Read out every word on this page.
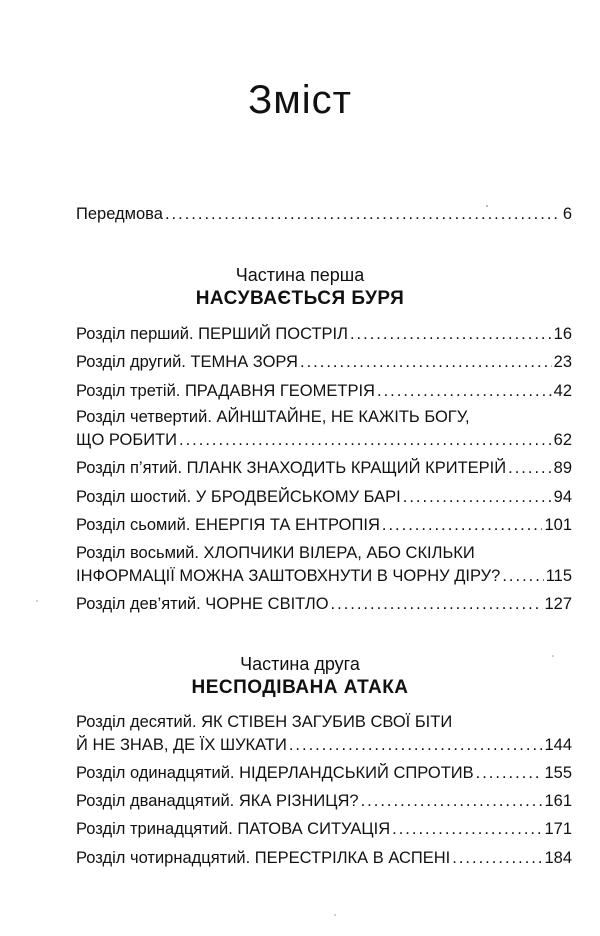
Зміст
Передмова .....	6
Частина перша
НАСУВАЄТЬСЯ БУРЯ
Розділ перший. ПЕРШИЙ ПОСТРІЛ .....	16
Розділ другий. ТЕМНА ЗОРЯ .....	23
Розділ третій. ПРАДАВНЯ ГЕОМЕТРІЯ .....	42
Розділ четвертий. АЙНШТАЙНЕ, НЕ КАЖІТЬ БОГУ,
ЩО РОБИТИ .....	62
Розділ п’ятий. ПЛАНК ЗНАХОДИТЬ КРАЩИЙ КРИТЕРІЙ .....	89
Розділ шостий. У БРОДВЕЙСЬКОМУ БАРІ .....	94
Розділ сьомий. ЕНЕРГІЯ ТА ЕНТРОПІЯ .....	101
Розділ восьмий. ХЛОПЧИКИ ВІЛЕРА, АБО СКІЛЬКИ
ІНФОРМАЦІЇ МОЖНА ЗАШТОВХНУТИ В ЧОРНУ ДІРУ? .....	115
Розділ дев’ятий. ЧОРНЕ СВІТЛО .....	127
Частина друга
НЕСПОДІВАНА АТАКА
Розділ десятий. ЯК СТІВЕН ЗАГУБИВ СВОЇ БІТИ
Й НЕ ЗНАВ, ДЕ ЇХ ШУКАТИ .....	144
Розділ одинадцятий. НІДЕРЛАНДСЬКИЙ СПРОТИВ .....	155
Розділ дванадцятий. ЯКА РІЗНИЦЯ? .....	161
Розділ тринадцятий. ПАТОВА СИТУАЦІЯ .....	171
Розділ чотирнадцятий. ПЕРЕСТРІЛКА В АСПЕНІ .....	184
